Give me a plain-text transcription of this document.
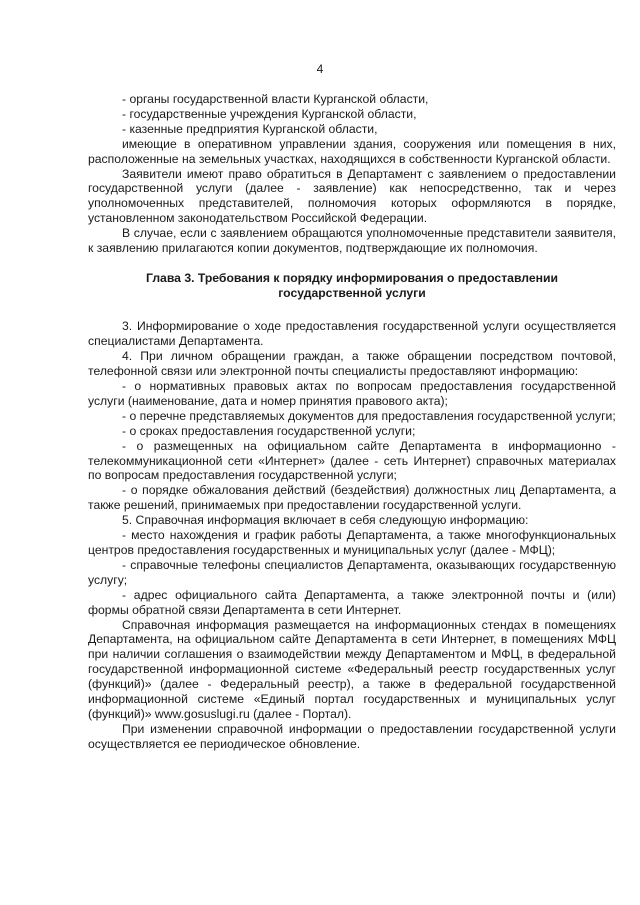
4

- органы государственной власти Курганской области,

- государственные учреждения Курганской области,

- казенные предприятия Курганской области,

имеющие в оперативном управлении здания, сооружения или помещения в них, расположенные на земельных участках, находящихся в собственности Курганской области.

Заявители имеют право обратиться в Департамент с заявлением о предоставлении государственной услуги (далее - заявление) как непосредственно, так и через уполномоченных представителей, полномочия которых оформляются в порядке, установленном законодательством Российской Федерации.

В случае, если с заявлением обращаются уполномоченные представители заявителя, к заявлению прилагаются копии документов, подтверждающие их полномочия.

Глава 3. Требования к порядку информирования о предоставлении

государственной услуги

3. Информирование о ходе предоставления государственной услуги осуществляется специалистами Департамента.

4. При личном обращении граждан, а также обращении посредством почтовой, телефонной связи или электронной почты специалисты предоставляют информацию:

- о нормативных правовых актах по вопросам предоставления государственной услуги (наименование, дата и номер принятия правового акта);

- о перечне представляемых документов для предоставления государственной услуги;

- о сроках предоставления государственной услуги;

- о размещенных на официальном сайте Департамента в информационно - телекоммуникационной сети «Интернет» (далее - сеть Интернет) справочных материалах по вопросам предоставления государственной услуги;

- о порядке обжалования действий (бездействия) должностных лиц Департамента, а также решений, принимаемых при предоставлении государственной услуги.

5. Справочная информация включает в себя следующую информацию:

- место нахождения и график работы Департамента, а также многофункциональных центров предоставления государственных и муниципальных услуг (далее - МФЦ);

- справочные телефоны специалистов Департамента, оказывающих государственную услугу;

- адрес официального сайта Департамента, а также электронной почты и (или) формы обратной связи Департамента в сети Интернет.

Справочная информация размещается на информационных стендах в помещениях Департамента, на официальном сайте Департамента в сети Интернет, в помещениях МФЦ при наличии соглашения о взаимодействии между Департаментом и МФЦ, в федеральной государственной информационной системе «Федеральный реестр государственных услуг (функций)» (далее - Федеральный реестр), а также в федеральной государственной информационной системе «Единый портал государственных и муниципальных услуг (функций)» www.gosuslugi.ru (далее - Портал).

При изменении справочной информации о предоставлении государственной услуги осуществляется ее периодическое обновление.
